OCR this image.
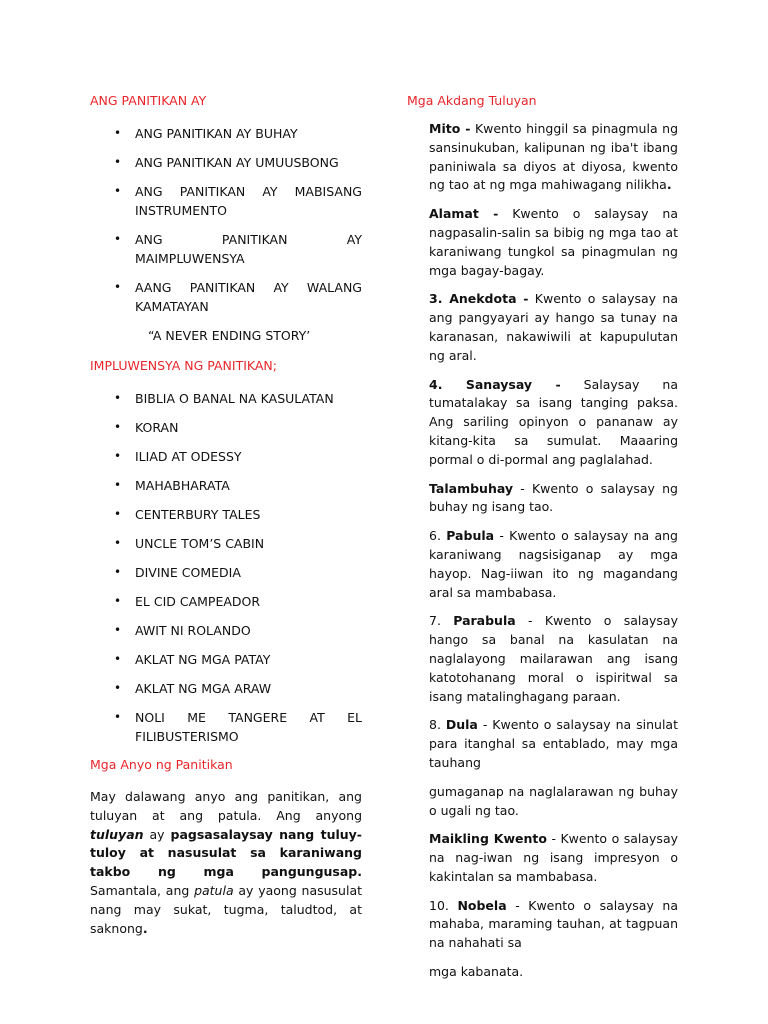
ANG PANITIKAN AY
• ANG PANITIKAN AY BUHAY
• ANG PANITIKAN AY UMUUSBONG
• ANG PANITIKAN AY MABISANG INSTRUMENTO
• ANG PANITIKAN AY MAIMPLUWENSYA
• AANG PANITIKAN AY WALANG KAMATAYAN
“A NEVER ENDING STORY’
IMPLUWENSYA NG PANITIKAN;
• BIBLIA O BANAL NA KASULATAN
• KORAN
• ILIAD AT ODESSY
• MAHABHARATA
• CENTERBURY TALES
• UNCLE TOM’S CABIN
• DIVINE COMEDIA
• EL CID CAMPEADOR
• AWIT NI ROLANDO
• AKLAT NG MGA PATAY
• AKLAT NG MGA ARAW
• NOLI ME TANGERE AT EL FILIBUSTERISMO
Mga Anyo ng Panitikan
May dalawang anyo ang panitikan, ang tuluyan at ang patula. Ang anyong tuluyan ay pagsasalaysay nang tuluy-tuloy at nasusulat sa karaniwang takbo ng mga pangungusap. Samantala, ang patula ay yaong nasusulat nang may sukat, tugma, taludtod, at saknong.
Mga Akdang Tuluyan
Mito - Kwento hinggil sa pinagmula ng sansinukuban, kalipunan ng iba't ibang paniniwala sa diyos at diyosa, kwento ng tao at ng mga mahiwagang nilikha.
Alamat - Kwento o salaysay na nagpasalin-salin sa bibig ng mga tao at karaniwang tungkol sa pinagmulan ng mga bagay-bagay.
3. Anekdota - Kwento o salaysay na ang pangyayari ay hango sa tunay na karanasan, nakawiwili at kapupulutan ng aral.
4. Sanaysay - Salaysay na tumatalakay sa isang tanging paksa. Ang sariling opinyon o pananaw ay kitang-kita sa sumulat. Maaaring pormal o di-pormal ang paglalahad.
Talambuhay - Kwento o salaysay ng buhay ng isang tao.
6. Pabula - Kwento o salaysay na ang karaniwang nagsisiganap ay mga hayop. Nag-iiwan ito ng magandang aral sa mambabasa.
7. Parabula - Kwento o salaysay hango sa banal na kasulatan na naglalayong mailarawan ang isang katotohanang moral o ispiritwal sa isang matalinghagang paraan.
8. Dula - Kwento o salaysay na sinulat para itanghal sa entablado, may mga tauhang
gumaganap na naglalarawan ng buhay o ugali ng tao.
Maikling Kwento - Kwento o salaysay na nag-iwan ng isang impresyon o kakintalan sa mambabasa.
10. Nobela - Kwento o salaysay na mahaba, maraming tauhan, at tagpuan na nahahati sa
mga kabanata.
